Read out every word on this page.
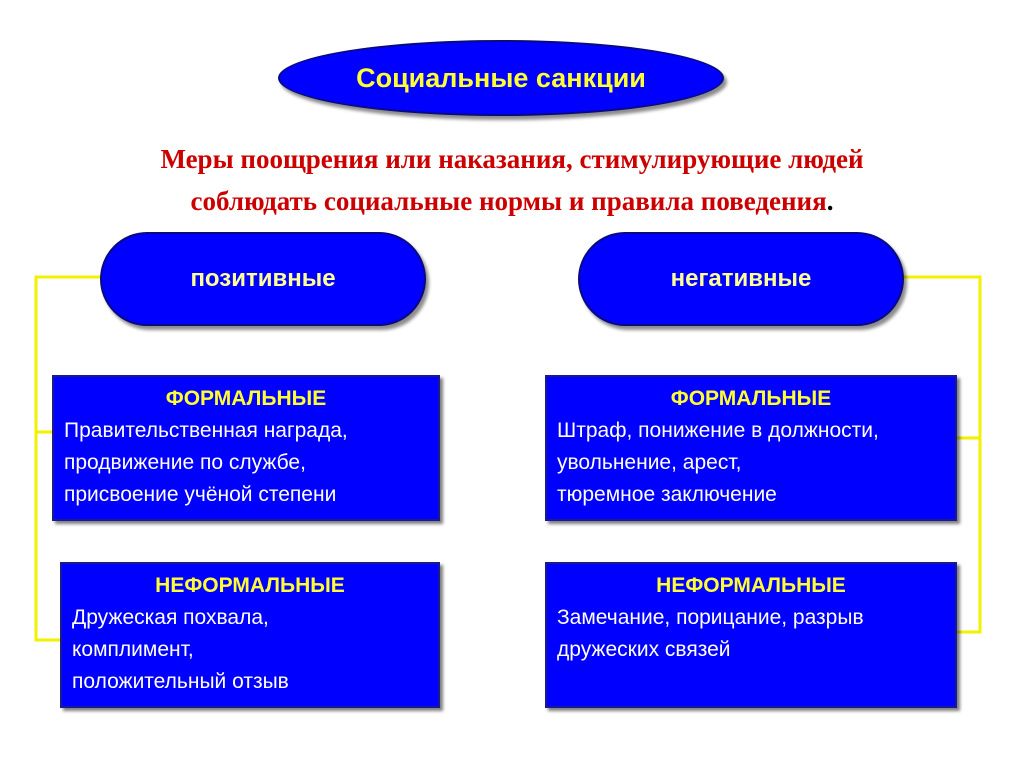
Социальные санкции
Меры поощрения или наказания, стимулирующие людей
соблюдать социальные нормы и правила поведения.
позитивные	негативные
ФОРМАЛЬНЫЕ
Правительственная награда,
продвижение по службе,
присвоение учёной степени
НЕФОРМАЛЬНЫЕ
Дружеская похвала,
комплимент,
положительный отзыв
ФОРМАЛЬНЫЕ
Штраф, понижение в должности,
увольнение, арест,
тюремное заключение
НЕФОРМАЛЬНЫЕ
Замечание, порицание, разрыв
дружеских связей
